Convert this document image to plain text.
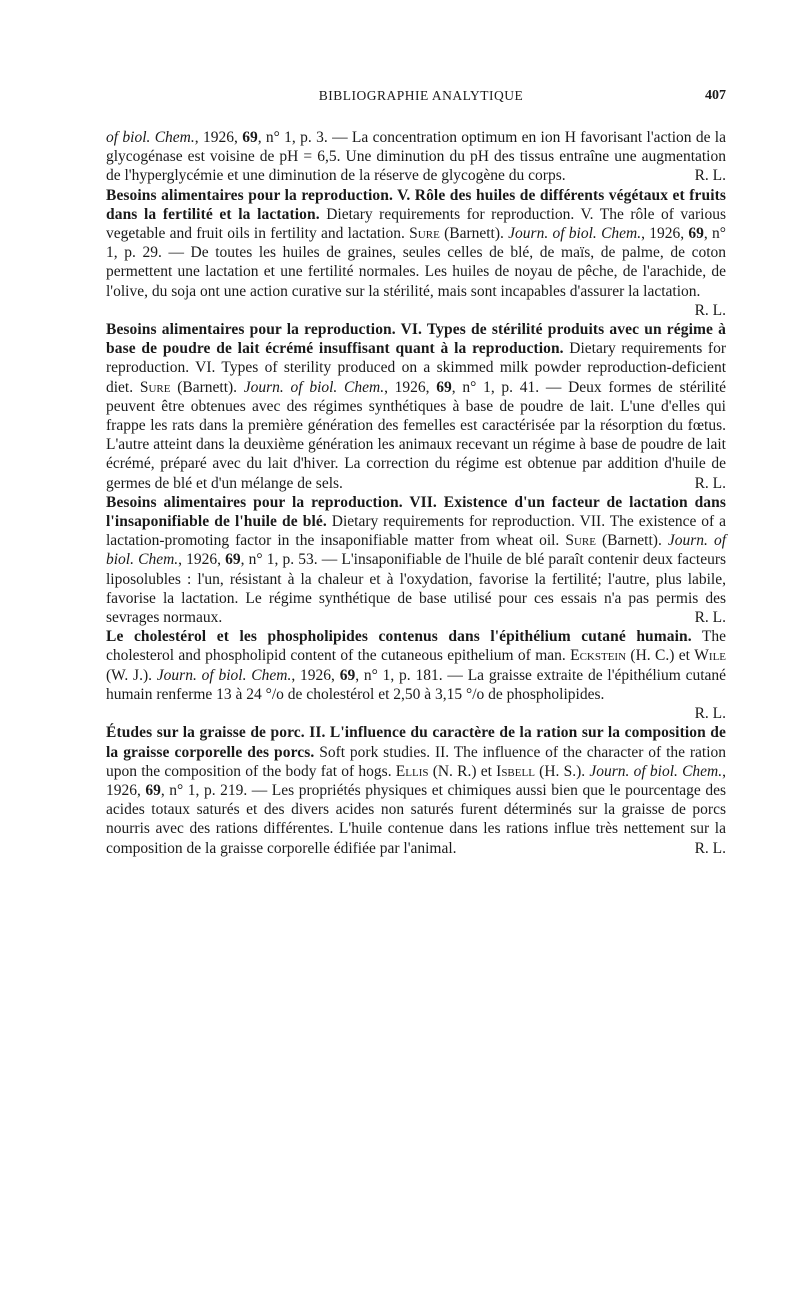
BIBLIOGRAPHIE ANALYTIQUE	407

of biol. Chem., 1926, 69, n° 1, p. 3. — La concentration optimum en ion H favorisant l'action de la glycogénase est voisine de pH = 6,5. Une diminution du pH des tissus entraîne une augmentation de l'hyperglycémie et une diminution de la réserve de glycogène du corps.	R. L.

Besoins alimentaires pour la reproduction. V. Rôle des huiles de différents végétaux et fruits dans la fertilité et la lactation. Dietary requirements for reproduction. V. The rôle of various vegetable and fruit oils in fertility and lactation. Sure (Barnett). Journ. of biol. Chem., 1926, 69, n° 1, p. 29. — De toutes les huiles de graines, seules celles de blé, de maïs, de palme, de coton permettent une lactation et une fertilité normales. Les huiles de noyau de pêche, de l'arachide, de l'olive, du soja ont une action curative sur la stérilité, mais sont incapables d'assurer la lactation.
R. L.

Besoins alimentaires pour la reproduction. VI. Types de stérilité produits avec un régime à base de poudre de lait écrémé insuffisant quant à la reproduction. Dietary requirements for reproduction. VI. Types of sterility produced on a skimmed milk powder reproduction-deficient diet. Sure (Barnett). Journ. of biol. Chem., 1926, 69, n° 1, p. 41. — Deux formes de stérilité peuvent être obtenues avec des régimes synthétiques à base de poudre de lait. L'une d'elles qui frappe les rats dans la première génération des femelles est caractérisée par la résorption du fœtus. L'autre atteint dans la deuxième génération les animaux recevant un régime à base de poudre de lait écrémé, préparé avec du lait d'hiver. La correction du régime est obtenue par addition d'huile de germes de blé et d'un mélange de sels.	R. L.

Besoins alimentaires pour la reproduction. VII. Existence d'un facteur de lactation dans l'insaponifiable de l'huile de blé. Dietary requirements for reproduction. VII. The existence of a lactation-promoting factor in the insaponifiable matter from wheat oil. Sure (Barnett). Journ. of biol. Chem., 1926, 69, n° 1, p. 53. — L'insaponifiable de l'huile de blé paraît contenir deux facteurs liposolubles : l'un, résistant à la chaleur et à l'oxydation, favorise la fertilité; l'autre, plus labile, favorise la lactation. Le régime synthétique de base utilisé pour ces essais n'a pas permis des sevrages normaux.	R. L.

Le cholestérol et les phospholipides contenus dans l'épithélium cutané humain. The cholesterol and phospholipid content of the cutaneous epithelium of man. Eckstein (H. C.) et Wile (W. J.). Journ. of biol. Chem., 1926, 69, n° 1, p. 181. — La graisse extraite de l'épithélium cutané humain renferme 13 à 24 °/o de cholestérol et 2,50 à 3,15 °/o de phospholipides.

R. L.

Études sur la graisse de porc. II. L'influence du caractère de la ration sur la composition de la graisse corporelle des porcs. Soft pork studies. II. The influence of the character of the ration upon the composition of the body fat of hogs. Ellis (N. R.) et Isbell (H. S.). Journ. of biol. Chem., 1926, 69, n° 1, p. 219. — Les propriétés physiques et chimiques aussi bien que le pourcentage des acides totaux saturés et des divers acides non saturés furent déterminés sur la graisse de porcs nourris avec des rations différentes. L'huile contenue dans les rations influe très nettement sur la composition de la graisse corporelle édifiée par l'animal.	R. L.
